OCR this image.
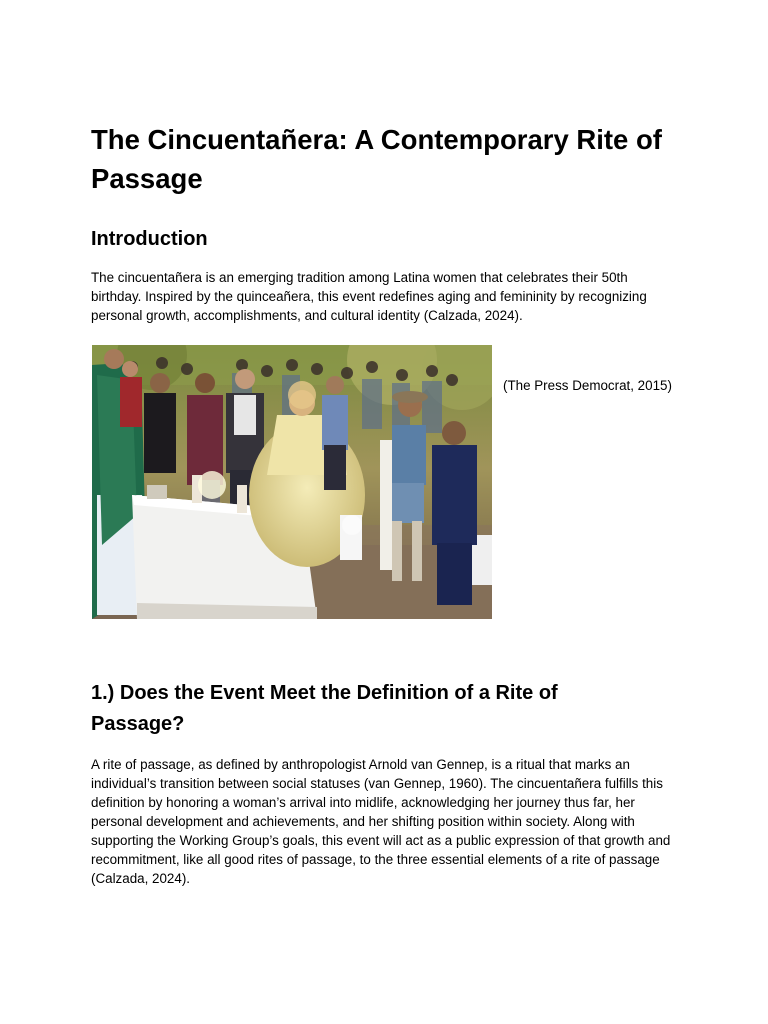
The Cincuentañera: A Contemporary Rite of Passage
Introduction

The cincuentañera is an emerging tradition among Latina women that celebrates their 50th birthday. Inspired by the quinceañera, this event redefines aging and femininity by recognizing personal growth, accomplishments, and cultural identity (Calzada, 2024).

(The Press Democrat, 2015)

1.) Does the Event Meet the Definition of a Rite of Passage?

A rite of passage, as defined by anthropologist Arnold van Gennep, is a ritual that marks an individual’s transition between social statuses (van Gennep, 1960). The cincuentañera fulfills this definition by honoring a woman’s arrival into midlife, acknowledging her journey thus far, her personal development and achievements, and her shifting position within society. Along with supporting the Working Group’s goals, this event will act as a public expression of that growth and recommitment, like all good rites of passage, to the three essential elements of a rite of passage (Calzada, 2024).
